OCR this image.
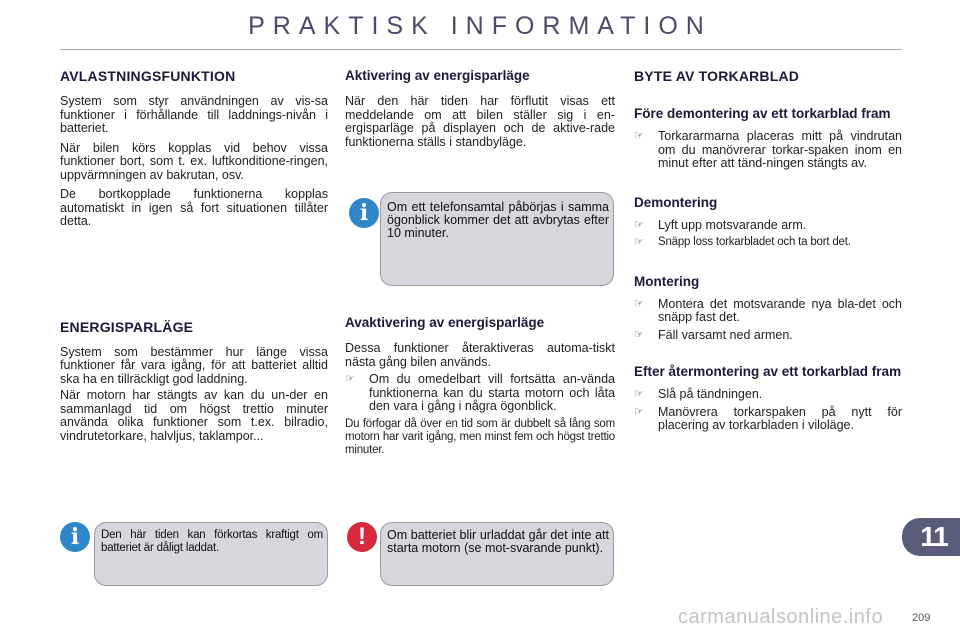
PRAKTISK INFORMATION
AVLASTNINGSFUNKTION

System som styr användningen av vis-sa funktioner i förhållande till laddnings-nivån i batteriet.

När bilen körs kopplas vid behov vissa funktioner bort, som t. ex. luftkonditione-ringen, uppvärmningen av bakrutan, osv.

De bortkopplade funktionerna kopplas automatiskt in igen så fort situationen tillåter detta.

ENERGISPARLÄGE

System som bestämmer hur länge vissa funktioner får vara igång, för att batteriet alltid ska ha en tillräckligt god laddning.

När motorn har stängts av kan du un-der en sammanlagd tid om högst trettio minuter använda olika funktioner som t.ex. bilradio, vindrutetorkare, halvljus, taklampor...

Aktivering av energisparläge

När den här tiden har förflutit visas ett meddelande om att bilen ställer sig i en-ergisparläge på displayen och de aktive-rade funktionerna ställs i standbyläge.

Avaktivering av energisparläge

Dessa funktioner återaktiveras automa-tiskt nästa gång bilen används.

☞ Om du omedelbart vill fortsätta an-vända funktionerna kan du starta motorn och låta den vara i gång i några ögonblick.

Du förfogar då över en tid som är dubbelt så lång som motorn har varit igång, men minst fem och högst trettio minuter.

BYTE AV TORKARBLAD
Före demontering av ett torkarblad fram
☞ Torkararmarna placeras mitt på vindrutan om du manövrerar torkar-spaken inom en minut efter att tänd-ningen stängts av.
Demontering
☞ Lyft upp motsvarande arm.
☞ Snäpp loss torkarbladet och ta bort det.
Montering
☞ Montera det motsvarande nya bla-det och snäpp fast det.
☞ Fäll varsamt ned armen.
Efter återmontering av ett torkarblad fram
☞ Slå på tändningen.
☞ Manövrera torkarspaken på nytt för placering av torkarbladen i viloläge.
Om ett telefonsamtal påbörjas i samma ögonblick kommer det att avbrytas efter 10 minuter.
i
Den här tiden kan förkortas kraftigt om batteriet är dåligt laddat.
i	Om batteriet blir urladdat går det inte att starta motorn (se mot-svarande punkt).
!	11
carmanualsonline.info	209
